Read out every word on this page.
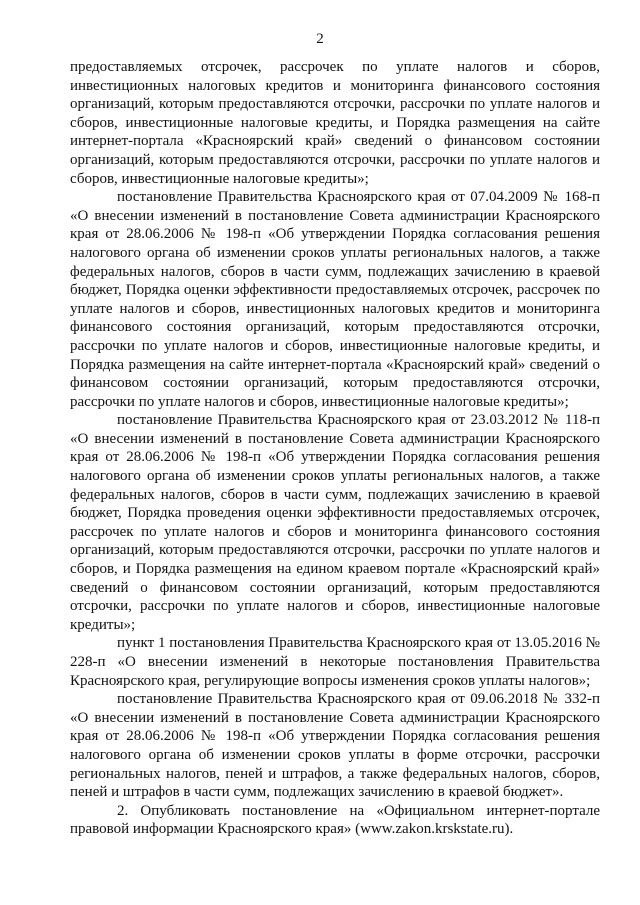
2

предоставляемых отсрочек, рассрочек по уплате налогов и сборов, инвестиционных налоговых кредитов и мониторинга финансового состояния организаций, которым предоставляются отсрочки, рассрочки по уплате налогов и сборов, инвестиционные налоговые кредиты, и Порядка размещения на сайте интернет-портала «Красноярский край» сведений о финансовом состоянии организаций, которым предоставляются отсрочки, рассрочки по уплате налогов и сборов, инвестиционные налоговые кредиты»;

постановление Правительства Красноярского края от 07.04.2009 № 168-п «О внесении изменений в постановление Совета администрации Красноярского края от 28.06.2006 № 198-п «Об утверждении Порядка согласования решения налогового органа об изменении сроков уплаты региональных налогов, а также федеральных налогов, сборов в части сумм, подлежащих зачислению в краевой бюджет, Порядка оценки эффективности предоставляемых отсрочек, рассрочек по уплате налогов и сборов, инвестиционных налоговых кредитов и мониторинга финансового состояния организаций, которым предоставляются отсрочки, рассрочки по уплате налогов и сборов, инвестиционные налоговые кредиты, и Порядка размещения на сайте интернет-портала «Красноярский край» сведений о финансовом состоянии организаций, которым предоставляются отсрочки, рассрочки по уплате налогов и сборов, инвестиционные налоговые кредиты»;

постановление Правительства Красноярского края от 23.03.2012 № 118-п «О внесении изменений в постановление Совета администрации Красноярского края от 28.06.2006 № 198-п «Об утверждении Порядка согласования решения налогового органа об изменении сроков уплаты региональных налогов, а также федеральных налогов, сборов в части сумм, подлежащих зачислению в краевой бюджет, Порядка проведения оценки эффективности предоставляемых отсрочек, рассрочек по уплате налогов и сборов и мониторинга финансового состояния организаций, которым предоставляются отсрочки, рассрочки по уплате налогов и сборов, и Порядка размещения на едином краевом портале «Красноярский край» сведений о финансовом состоянии организаций, которым предоставляются отсрочки, рассрочки по уплате налогов и сборов, инвестиционные налоговые кредиты»;

пункт 1 постановления Правительства Красноярского края от 13.05.2016 № 228-п «О внесении изменений в некоторые постановления Правительства Красноярского края, регулирующие вопросы изменения сроков уплаты налогов»;

постановление Правительства Красноярского края от 09.06.2018 № 332-п «О внесении изменений в постановление Совета администрации Красноярского края от 28.06.2006 № 198-п «Об утверждении Порядка согласования решения налогового органа об изменении сроков уплаты в форме отсрочки, рассрочки региональных налогов, пеней и штрафов, а также федеральных налогов, сборов, пеней и штрафов в части сумм, подлежащих зачислению в краевой бюджет».

2. Опубликовать постановление на «Официальном интернет-портале правовой информации Красноярского края» (www.zakon.krskstate.ru).
